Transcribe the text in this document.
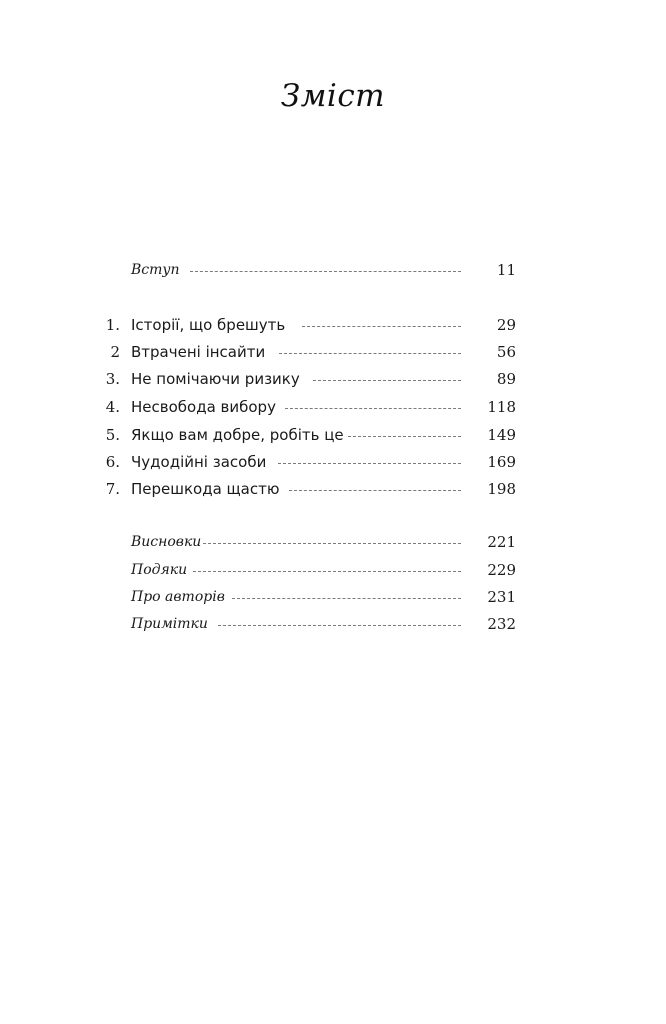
Зміст
Вступ	11
1. Історії, що брешуть	29
2 Втрачені інсайти	56
3. Не помічаючи ризику	89
4. Несвобода вибору	118
5. Якщо вам добре, робіть це	149
6. Чудодійні засоби	169
7. Перешкода щастю	198
Висновки	221
Подяки	229
Про авторів	231
Примітки	232
